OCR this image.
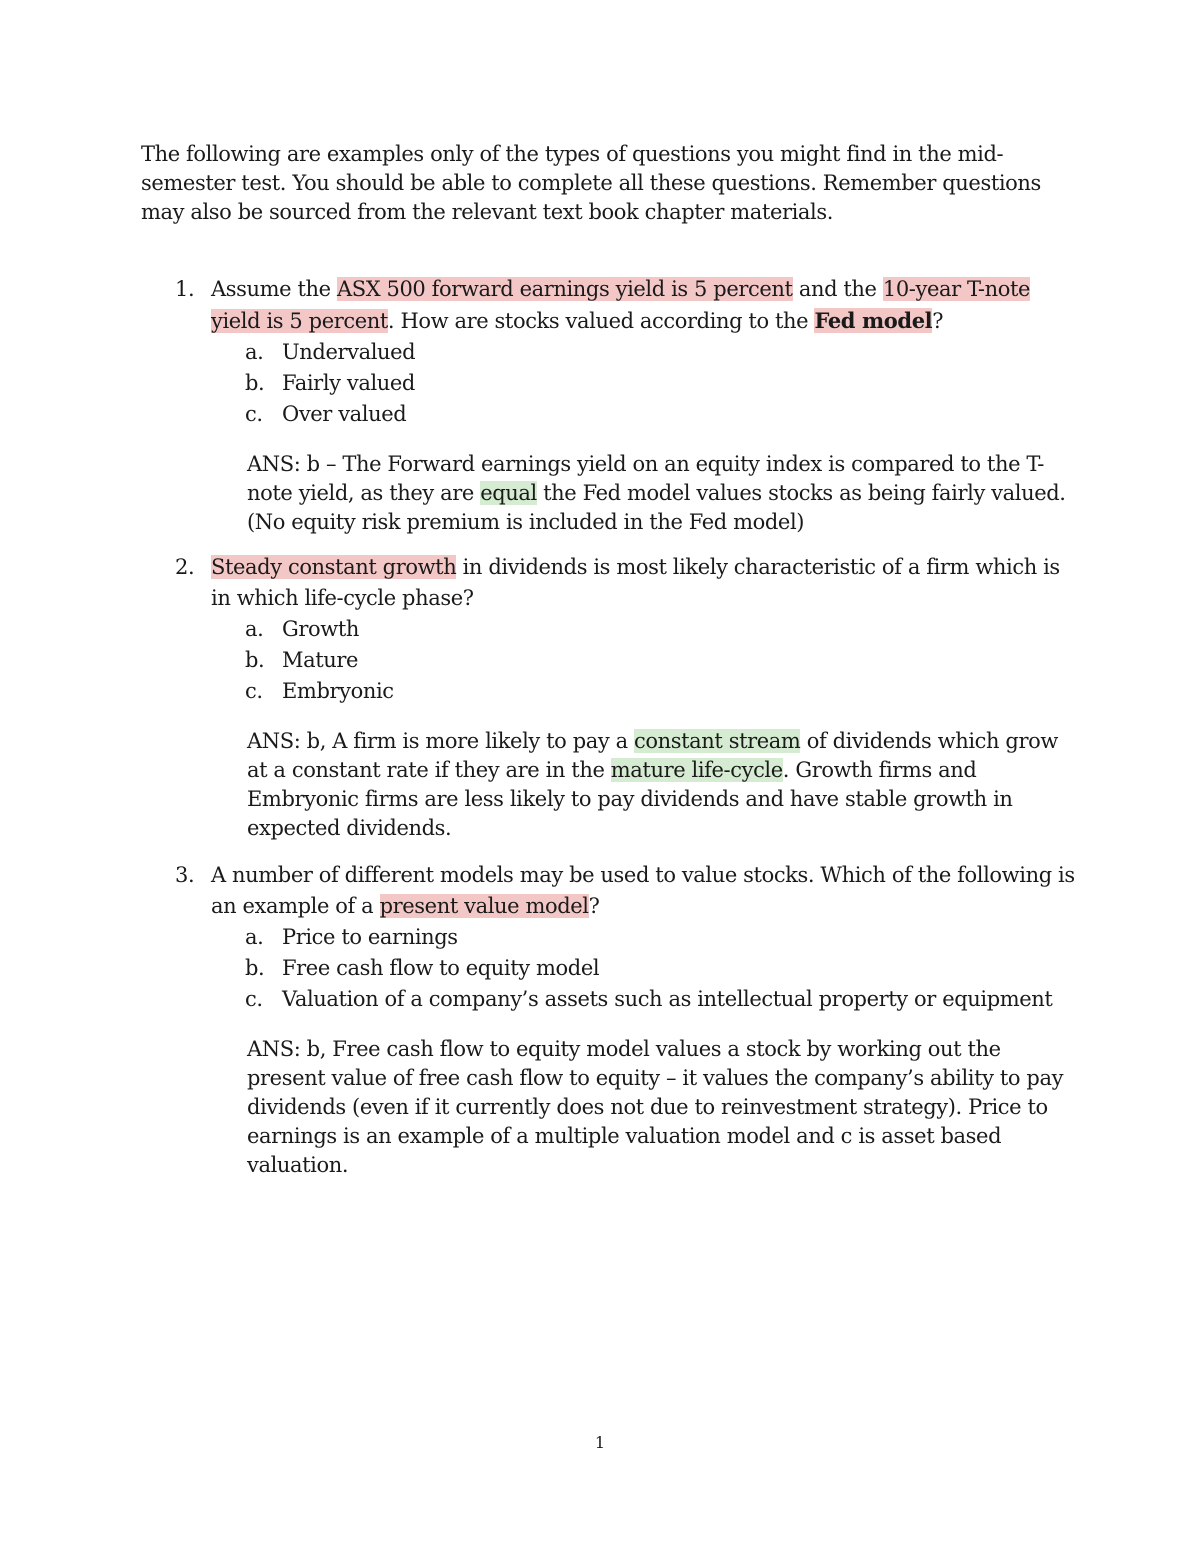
The following are examples only of the types of questions you might find in the mid-semester test. You should be able to complete all these questions. Remember questions may also be sourced from the relevant text book chapter materials.

1. Assume the ASX 500 forward earnings yield is 5 percent and the 10-year T-note yield is 5 percent. How are stocks valued according to the Fed model?
a. Undervalued
b. Fairly valued
c. Over valued
ANS: b – The Forward earnings yield on an equity index is compared to the T-note yield, as they are equal the Fed model values stocks as being fairly valued. (No equity risk premium is included in the Fed model)
2. Steady constant growth in dividends is most likely characteristic of a firm which is in which life-cycle phase?
a. Growth
b. Mature
c. Embryonic
ANS: b, A firm is more likely to pay a constant stream of dividends which grow at a constant rate if they are in the mature life-cycle. Growth firms and Embryonic firms are less likely to pay dividends and have stable growth in expected dividends.
3. A number of different models may be used to value stocks. Which of the following is an example of a present value model?
a. Price to earnings
b. Free cash flow to equity model
c. Valuation of a company’s assets such as intellectual property or equipment
ANS: b, Free cash flow to equity model values a stock by working out the present value of free cash flow to equity – it values the company’s ability to pay dividends (even if it currently does not due to reinvestment strategy). Price to earnings is an example of a multiple valuation model and c is asset based valuation.
1
